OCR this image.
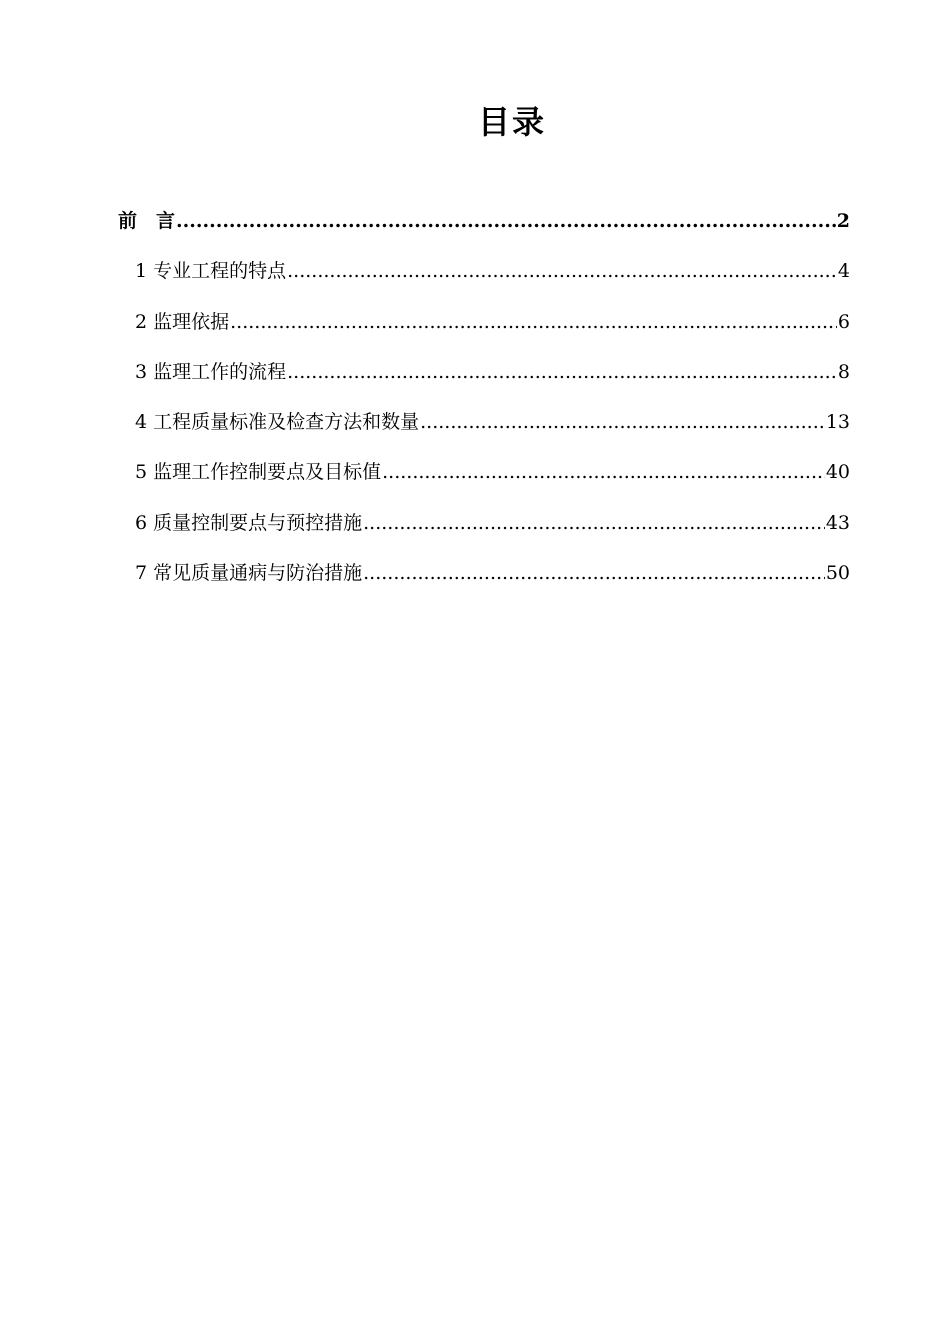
目录
前　言 .....	2
1 专业工程的特点 .....	4
2 监理依据 .....	6
3 监理工作的流程 .....	8
4 工程质量标准及检查方法和数量 .....	13
5 监理工作控制要点及目标值 .....	40
6 质量控制要点与预控措施 .....	43
7 常见质量通病与防治措施 .....	50
